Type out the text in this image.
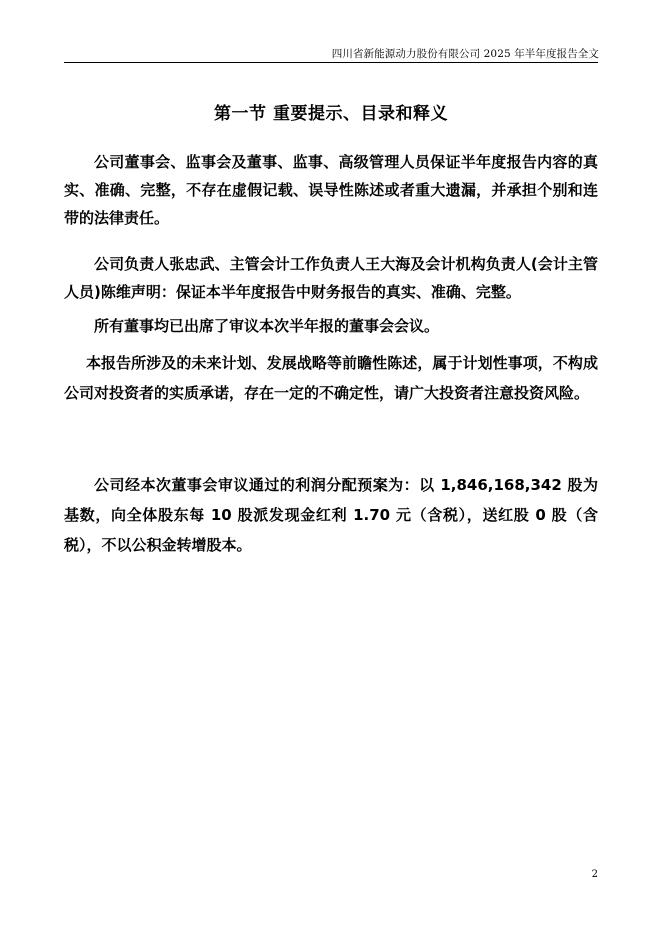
四川省新能源动力股份有限公司 2025 年半年度报告全文
第一节 重要提示、目录和释义

公司董事会、监事会及董事、监事、高级管理人员保证半年度报告内容的真实、准确、完整，不存在虚假记载、误导性陈述或者重大遗漏，并承担个别和连带的法律责任。

公司负责人张忠武、主管会计工作负责人王大海及会计机构负责人(会计主管人员)陈维声明：保证本半年度报告中财务报告的真实、准确、完整。

所有董事均已出席了审议本次半年报的董事会会议。

本报告所涉及的未来计划、发展战略等前瞻性陈述，属于计划性事项，不构成公司对投资者的实质承诺，存在一定的不确定性，请广大投资者注意投资风险。

公司经本次董事会审议通过的利润分配预案为：以 1,846,168,342 股为基数，向全体股东每 10 股派发现金红利 1.70 元（含税），送红股 0 股（含税），不以公积金转增股本。

2
